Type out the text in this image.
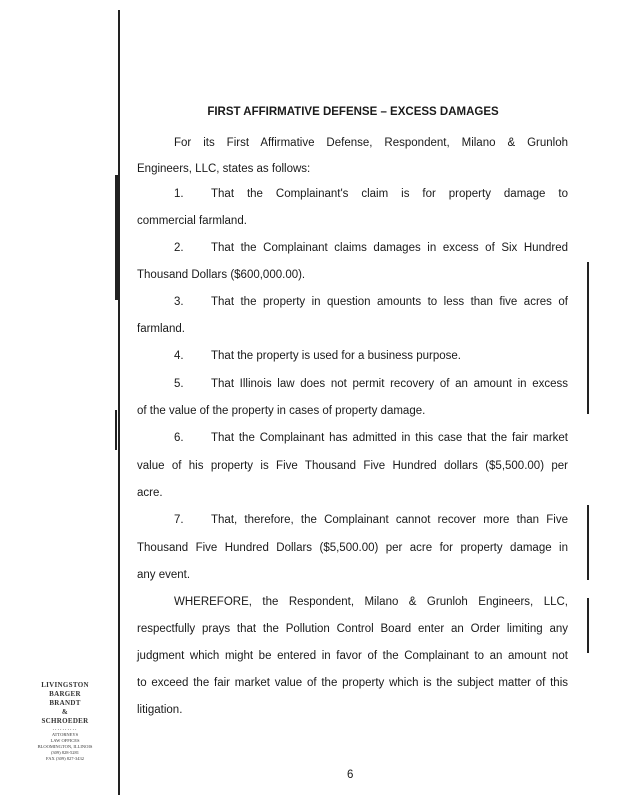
FIRST AFFIRMATIVE DEFENSE – EXCESS DAMAGES
For its First Affirmative Defense, Respondent, Milano & Grunloh
Engineers, LLC, states as follows:
1. That the Complainant's claim is for property damage to
commercial farmland.
2. That the Complainant claims damages in excess of Six Hundred
Thousand Dollars ($600,000.00).
3. That the property in question amounts to less than five acres of
farmland.
4. That the property is used for a business purpose.
5. That Illinois law does not permit recovery of an amount in excess
of the value of the property in cases of property damage.
6. That the Complainant has admitted in this case that the fair market
value of his property is Five Thousand Five Hundred dollars ($5,500.00) per
acre.
7. That, therefore, the Complainant cannot recover more than Five
Thousand Five Hundred Dollars ($5,500.00) per acre for property damage in
any event.
WHEREFORE, the Respondent, Milano & Grunloh Engineers, LLC,
respectfully prays that the Pollution Control Board enter an Order limiting any
judgment which might be entered in favor of the Complainant to an amount not
to exceed the fair market value of the property which is the subject matter of this
litigation.
6
LIVINGSTON
BARGER
BRANDT
&
SCHROEDER
..........
ATTORNEYS
LAW OFFICES
BLOOMINGTON, ILLINOIS
(309) 828-5281
FAX (309) 827-3432
